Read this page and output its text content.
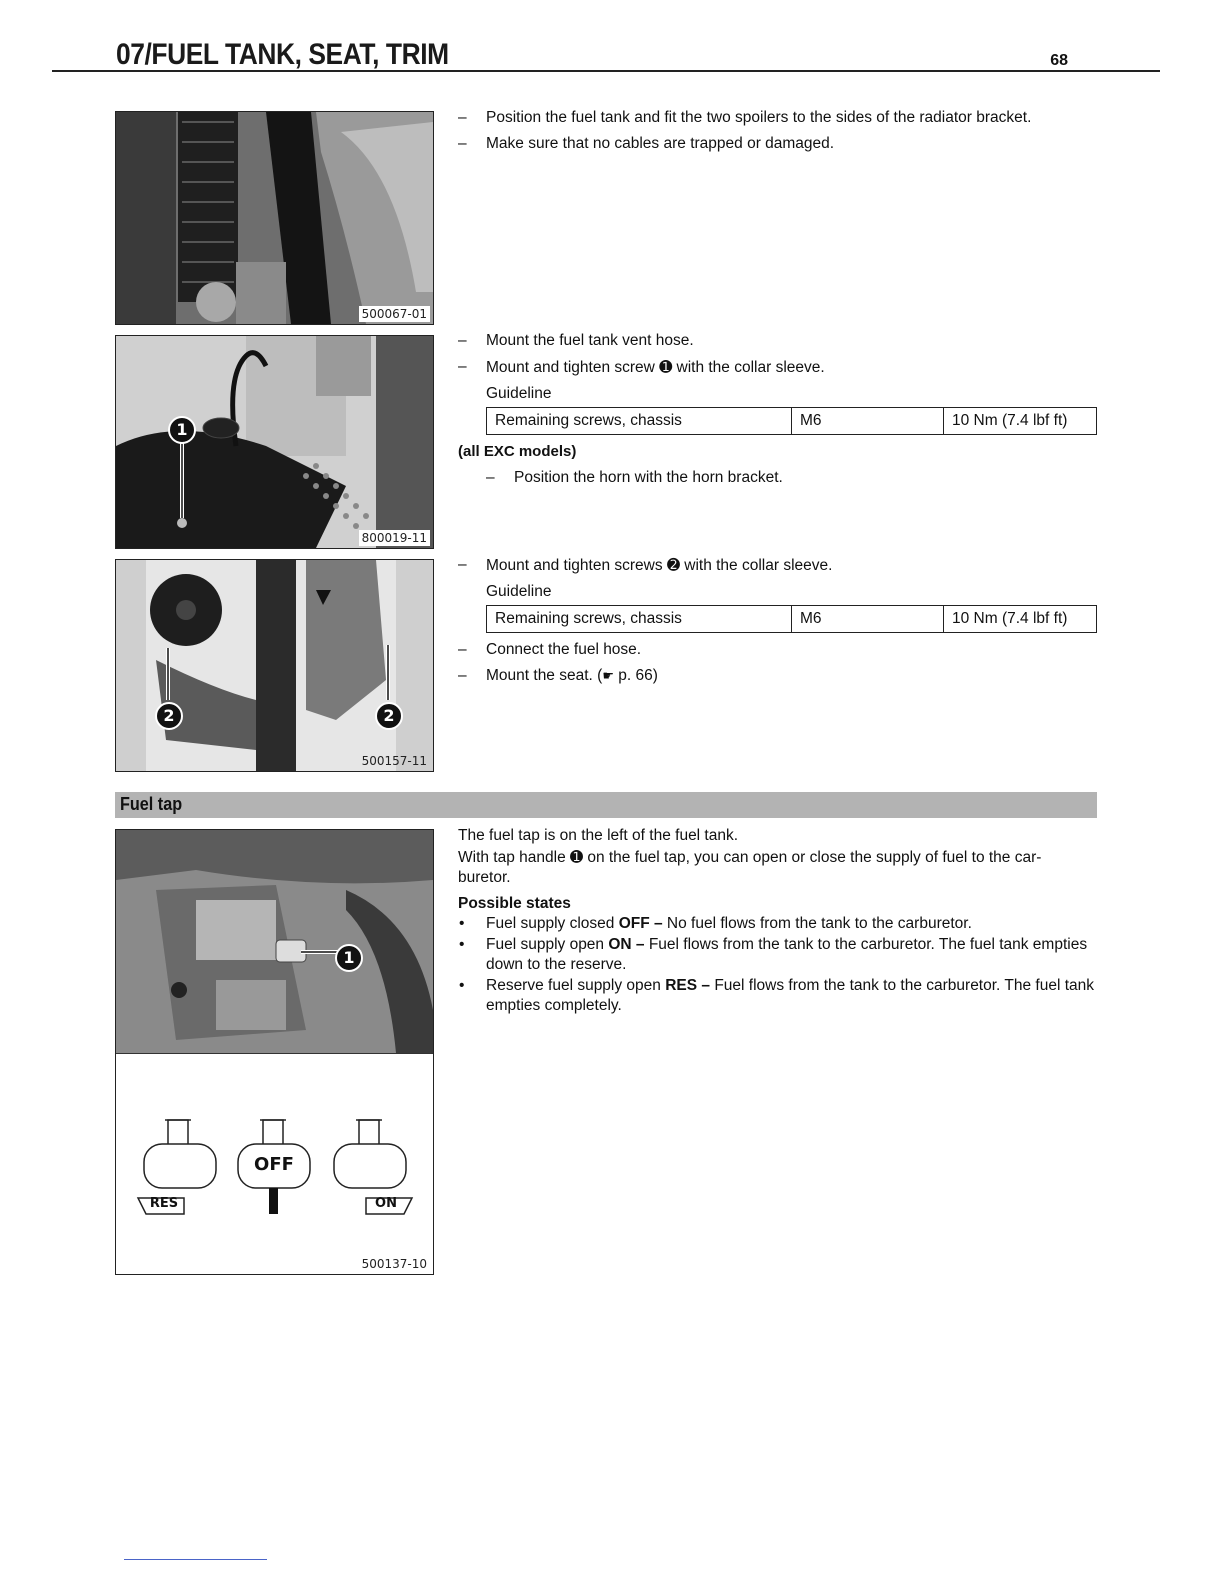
07/FUEL TANK, SEAT, TRIM	68
500067-01
1
800019-11
2	2
500157-11
– Position the fuel tank and fit the two spoilers to the sides of the radiator bracket.
– Make sure that no cables are trapped or damaged.
– Mount the fuel tank vent hose.
– Mount and tighten screw ➊ with the collar sleeve.
Guideline
Remaining screws, chassis	M6	10 Nm (7.4 lbf ft)
(all EXC models)
– Position the horn with the horn bracket.
– Mount and tighten screws ➋ with the collar sleeve.
Guideline
Remaining screws, chassis	M6	10 Nm (7.4 lbf ft)
– Connect the fuel hose.
– Mount the seat. (☛ p. 66)
Fuel tap
1
OFF
RES	ON
500137-10
The fuel tap is on the left of the fuel tank.
With tap handle ➊ on the fuel tap, you can open or close the supply of fuel to the car-
buretor.
Possible states
• Fuel supply closed OFF – No fuel flows from the tank to the carburetor.
• Fuel supply open ON – Fuel flows from the tank to the carburetor. The fuel tank empties down to the reserve.
• Reserve fuel supply open RES – Fuel flows from the tank to the carburetor. The fuel tank empties completely.
